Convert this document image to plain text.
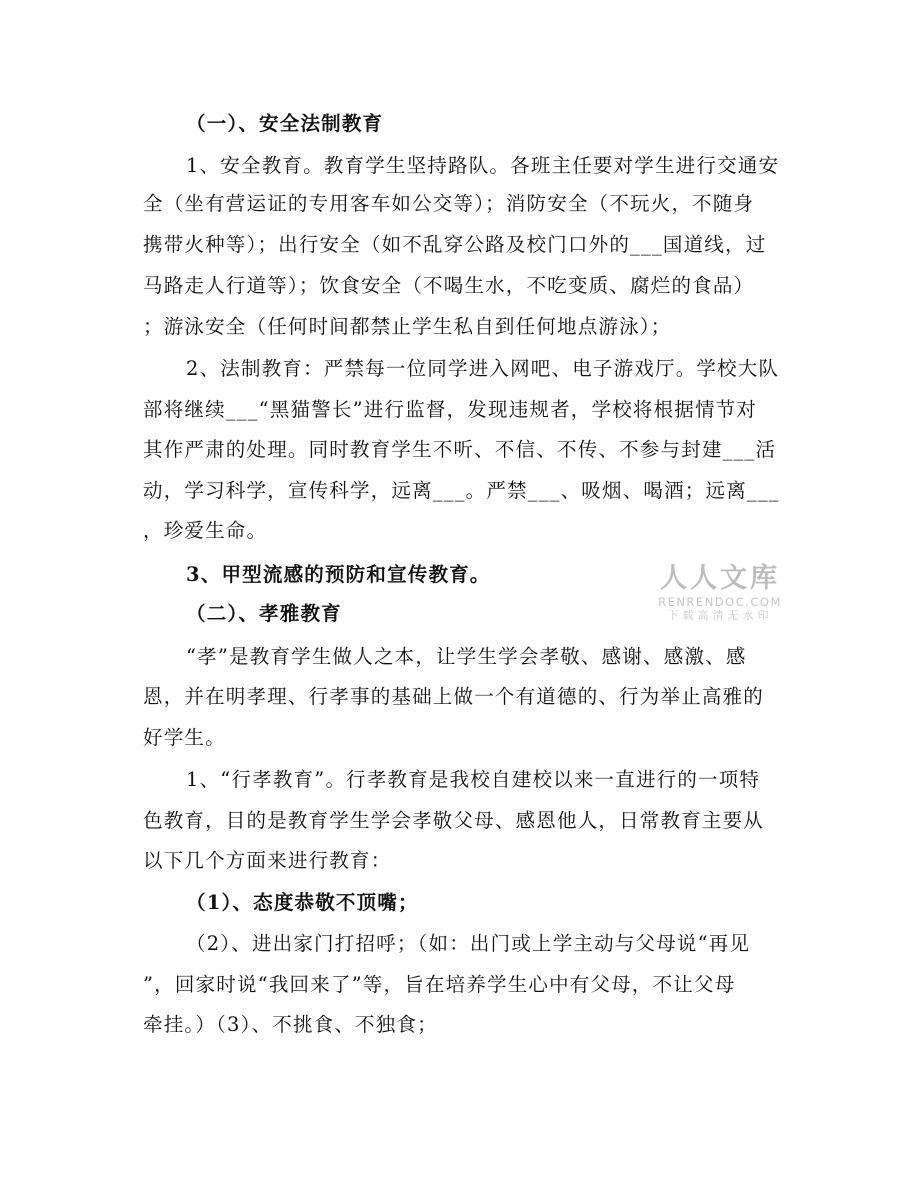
（一）、安全法制教育
1、安全教育。教育学生坚持路队。各班主任要对学生进行交通安
全（坐有营运证的专用客车如公交等）；消防安全（不玩火，不随身
携带火种等）；出行安全（如不乱穿公路及校门口外的___国道线，过
马路走人行道等）；饮食安全（不喝生水，不吃变质、腐烂的食品）
；游泳安全（任何时间都禁止学生私自到任何地点游泳）；
2、法制教育：严禁每一位同学进入网吧、电子游戏厅。学校大队
部将继续___“黑猫警长”进行监督，发现违规者，学校将根据情节对
其作严肃的处理。同时教育学生不听、不信、不传、不参与封建___活
动，学习科学，宣传科学，远离___。严禁___、吸烟、喝酒；远离___
，珍爱生命。
3、甲型流感的预防和宣传教育。
（二）、孝雅教育
“孝”是教育学生做人之本，让学生学会孝敬、感谢、感激、感
恩，并在明孝理、行孝事的基础上做一个有道德的、行为举止高雅的
好学生。
1、“行孝教育”。行孝教育是我校自建校以来一直进行的一项特
色教育，目的是教育学生学会孝敬父母、感恩他人，日常教育主要从
以下几个方面来进行教育：
（1）、态度恭敬不顶嘴；
（2）、进出家门打招呼；（如：出门或上学主动与父母说“再见
”，回家时说“我回来了”等，旨在培养学生心中有父母，不让父母
牵挂。）（3）、不挑食、不独食；
人人文库
RENRENDOC.COM
下载高清无水印
